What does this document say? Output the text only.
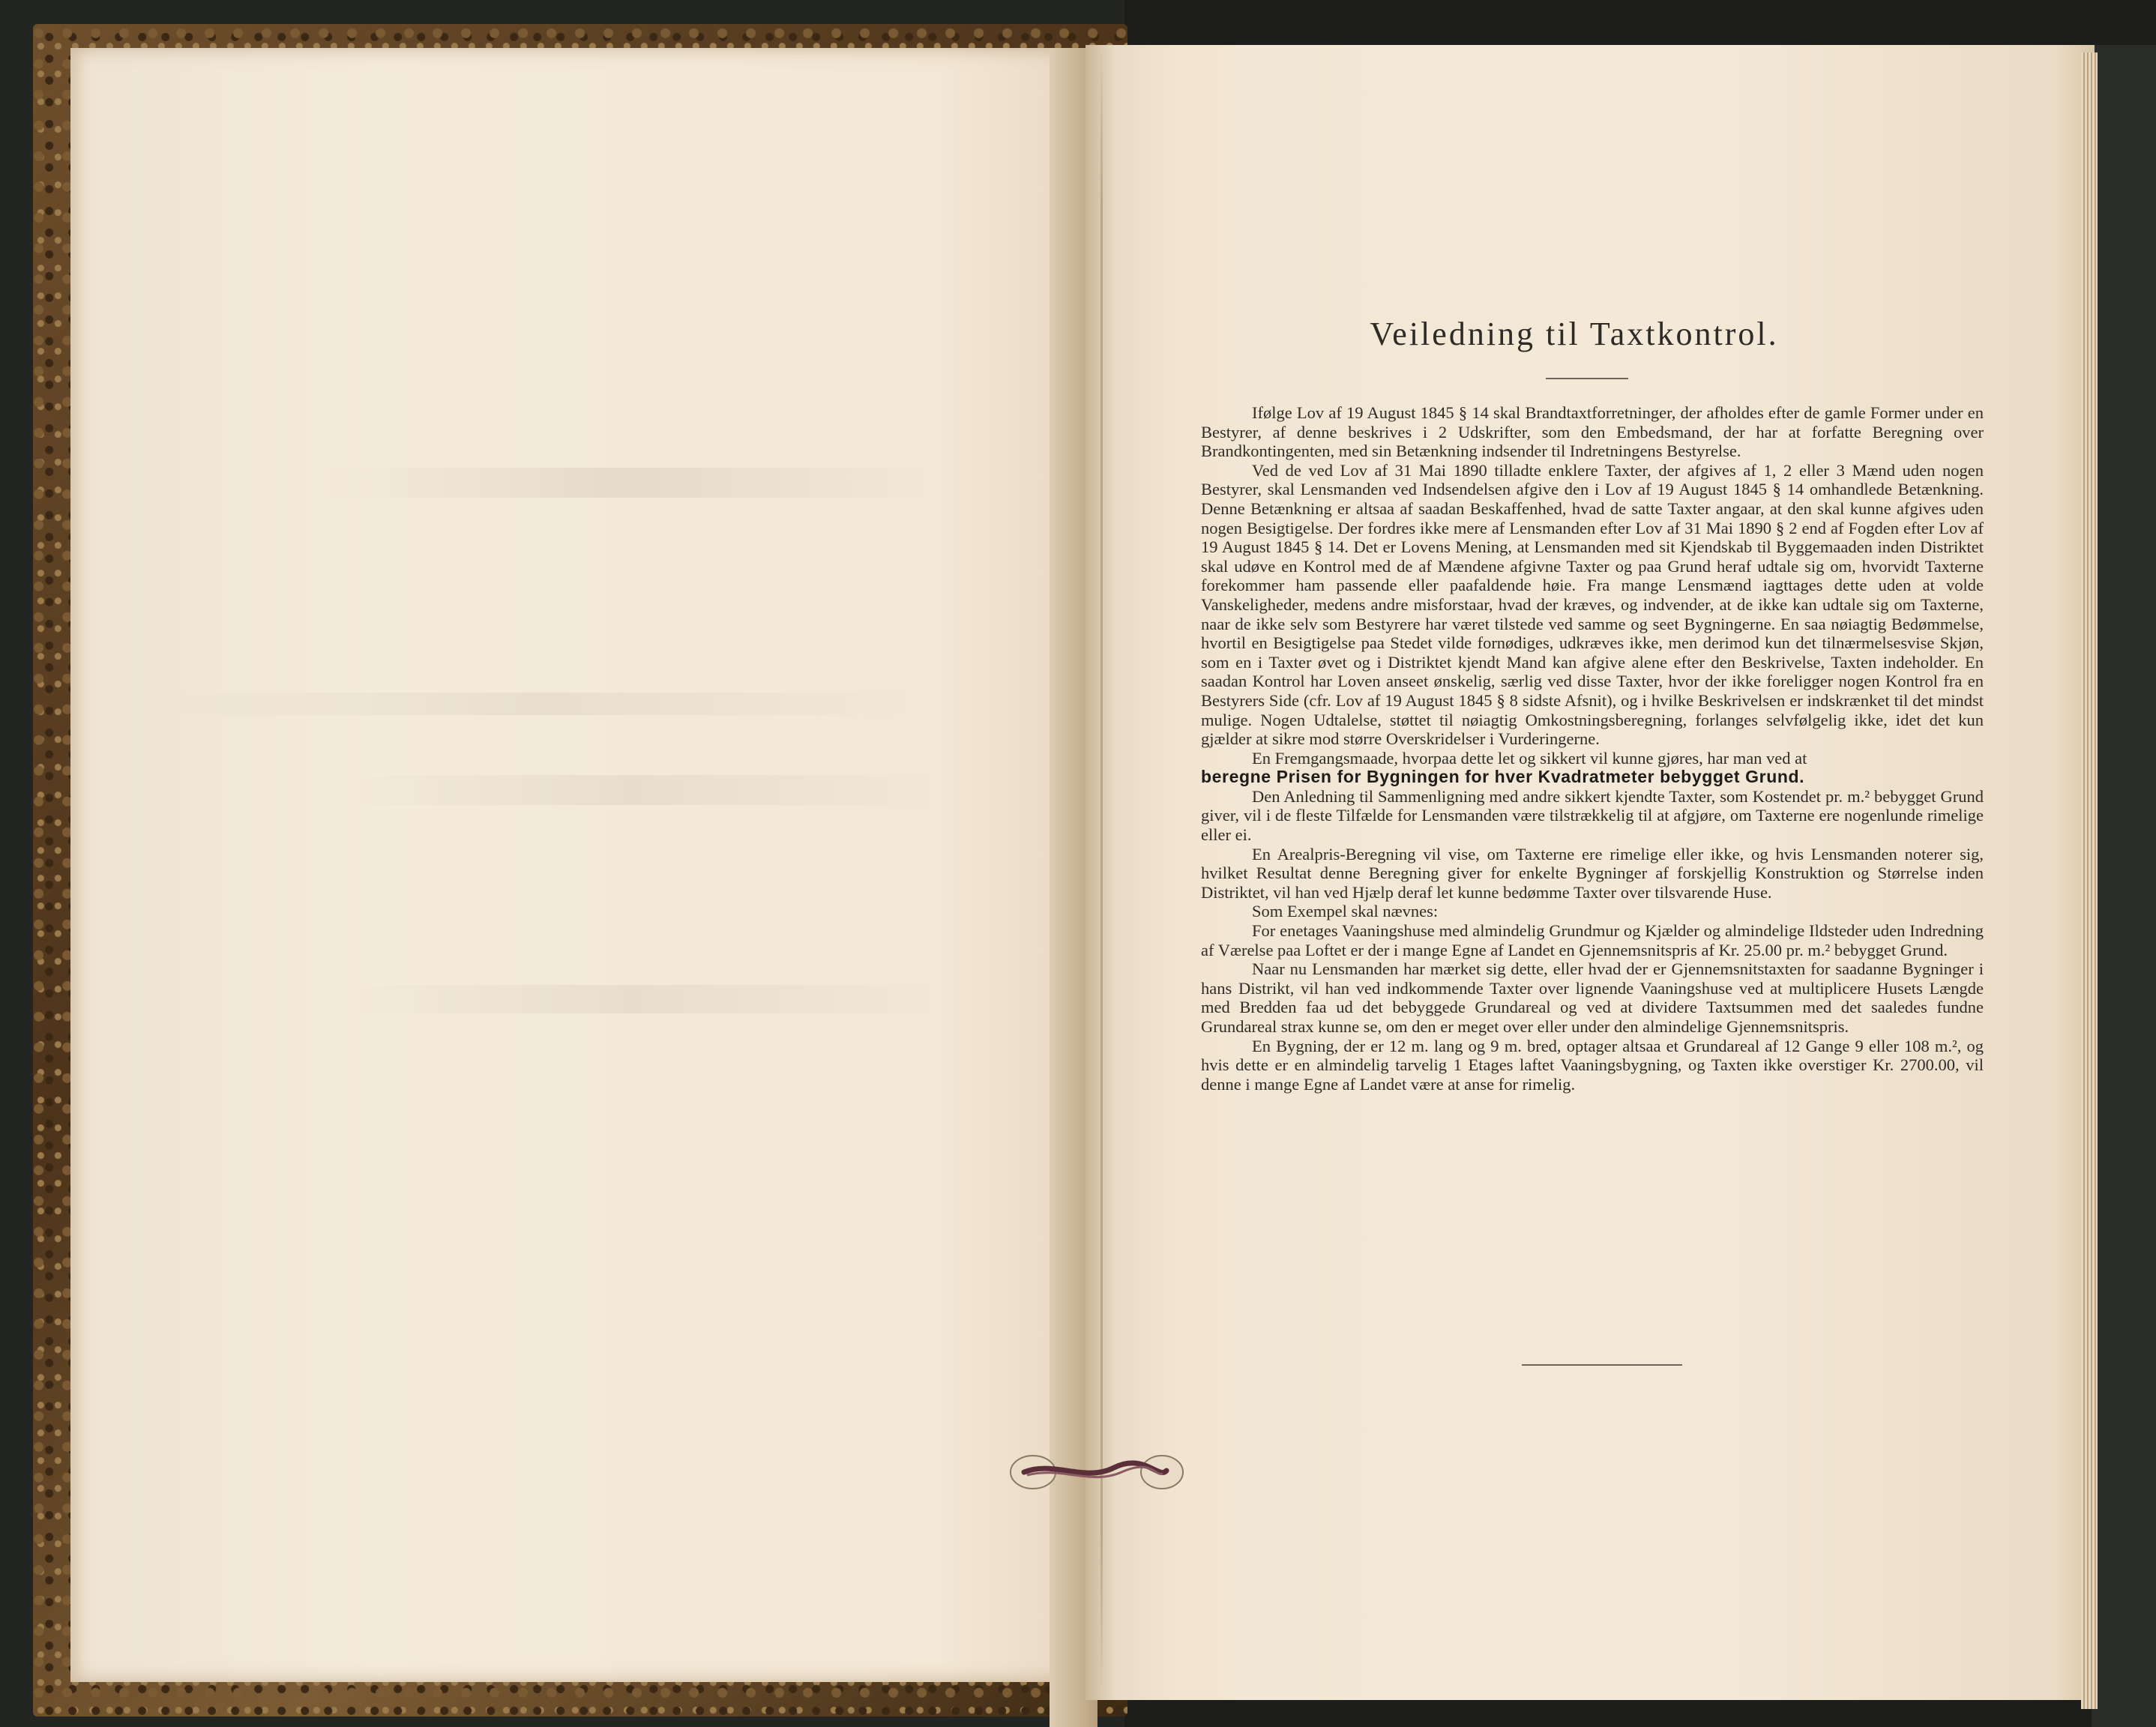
Veiledning til Taxtkontrol.

Ifølge Lov af 19 August 1845 § 14 skal Brandtaxtforretninger, der afholdes efter de gamle Former under en Bestyrer, af denne beskrives i 2 Udskrifter, som den Embedsmand, der har at forfatte Beregning over Brandkontingenten, med sin Betænkning indsender til Indretningens Bestyrelse.

Ved de ved Lov af 31 Mai 1890 tilladte enklere Taxter, der afgives af 1, 2 eller 3 Mænd uden nogen Bestyrer, skal Lensmanden ved Indsendelsen afgive den i Lov af 19 August 1845 § 14 omhandlede Betænkning. Denne Betænkning er altsaa af saadan Beskaffenhed, hvad de satte Taxter angaar, at den skal kunne afgives uden nogen Besigtigelse. Der fordres ikke mere af Lensmanden efter Lov af 31 Mai 1890 § 2 end af Fogden efter Lov af 19 August 1845 § 14. Det er Lovens Mening, at Lensmanden med sit Kjendskab til Byggemaaden inden Distriktet skal udøve en Kontrol med de af Mændene afgivne Taxter og paa Grund heraf udtale sig om, hvorvidt Taxterne forekommer ham passende eller paafaldende høie. Fra mange Lensmænd iagttages dette uden at volde Vanskeligheder, medens andre misforstaar, hvad der kræves, og indvender, at de ikke kan udtale sig om Taxterne, naar de ikke selv som Bestyrere har været tilstede ved samme og seet Bygningerne. En saa nøiagtig Bedømmelse, hvortil en Besigtigelse paa Stedet vilde fornødiges, udkræves ikke, men derimod kun det tilnærmelsesvise Skjøn, som en i Taxter øvet og i Distriktet kjendt Mand kan afgive alene efter den Beskrivelse, Taxten indeholder. En saadan Kontrol har Loven anseet ønskelig, særlig ved disse Taxter, hvor der ikke foreligger nogen Kontrol fra en Bestyrers Side (cfr. Lov af 19 August 1845 § 8 sidste Afsnit), og i hvilke Beskrivelsen er indskrænket til det mindst mulige. Nogen Udtalelse, støttet til nøiagtig Omkostningsberegning, forlanges selvfølgelig ikke, idet det kun gjælder at sikre mod større Overskridelser i Vurderingerne.

En Fremgangsmaade, hvorpaa dette let og sikkert vil kunne gjøres, har man ved at

beregne Prisen for Bygningen for hver Kvadratmeter bebygget Grund.

Den Anledning til Sammenligning med andre sikkert kjendte Taxter, som Kostendet pr. m.² bebygget Grund giver, vil i de fleste Tilfælde for Lensmanden være tilstrækkelig til at afgjøre, om Taxterne ere nogenlunde rimelige eller ei.

En Arealpris-Beregning vil vise, om Taxterne ere rimelige eller ikke, og hvis Lensmanden noterer sig, hvilket Resultat denne Beregning giver for enkelte Bygninger af forskjellig Konstruktion og Størrelse inden Distriktet, vil han ved Hjælp deraf let kunne bedømme Taxter over tilsvarende Huse.

Som Exempel skal nævnes:

For enetages Vaaningshuse med almindelig Grundmur og Kjælder og almindelige Ildsteder uden Indredning af Værelse paa Loftet er der i mange Egne af Landet en Gjennemsnitspris af Kr. 25.00 pr. m.² bebygget Grund.

Naar nu Lensmanden har mærket sig dette, eller hvad der er Gjennemsnitstaxten for saadanne Bygninger i hans Distrikt, vil han ved indkommende Taxter over lignende Vaaningshuse ved at multiplicere Husets Længde med Bredden faa ud det bebyggede Grundareal og ved at dividere Taxtsummen med det saaledes fundne Grundareal strax kunne se, om den er meget over eller under den almindelige Gjennemsnitspris.

En Bygning, der er 12 m. lang og 9 m. bred, optager altsaa et Grundareal af 12 Gange 9 eller 108 m.², og hvis dette er en almindelig tarvelig 1 Etages laftet Vaaningsbygning, og Taxten ikke overstiger Kr. 2700.00, vil denne i mange Egne af Landet være at anse for rimelig.
